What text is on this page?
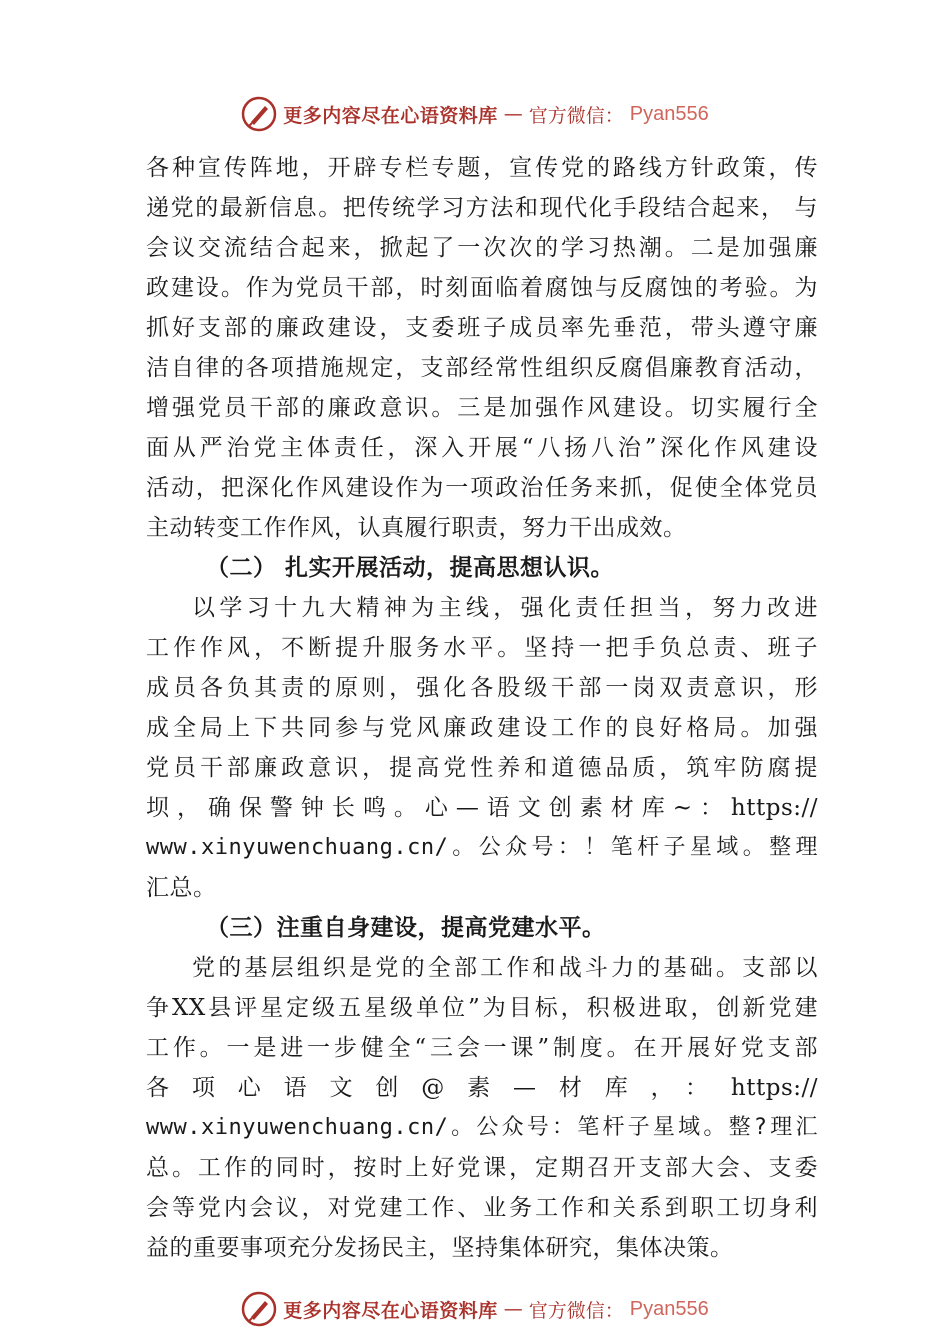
更多内容尽在心语资料库 — 官方微信： Pyan556
各种宣传阵地，开辟专栏专题，宣传党的路线方针政策，传
递党的最新信息。把传统学习方法和现代化手段结合起来， 与
会议交流结合起来，掀起了一次次的学习热潮。二是加强廉
政建设。作为党员干部，时刻面临着腐蚀与反腐蚀的考验。为
抓好支部的廉政建设，支委班子成员率先垂范，带头遵守廉
洁自律的各项措施规定，支部经常性组织反腐倡廉教育活动，
增强党员干部的廉政意识。三是加强作风建设。切实履行全
面从严治党主体责任，深入开展“八扬八治”深化作风建设
活动，把深化作风建设作为一项政治任务来抓，促使全体党员
主动转变工作作风，认真履行职责，努力干出成效。
（二） 扎实开展活动，提高思想认识。
以学习十九大精神为主线，强化责任担当，努力改进
工作作风，不断提升服务水平。坚持一把手负总责、班子
成员各负其责的原则，强化各股级干部一岗双责意识，形
成全局上下共同参与党风廉政建设工作的良好格局。加强
党员干部廉政意识，提高党性养和道德品质，筑牢防腐提
坝，确保警钟长鸣。心—语文创素材库~：https://
www.xinyuwenchuang.cn/。公众号：！笔杆子星域。整理
汇总。
（三）注重自身建设，提高党建水平。
党的基层组织是党的全部工作和战斗力的基础。支部以
争XX县评星定级五星级单位”为目标，积极进取，创新党建
工作。一是进一步健全“三会一课”制度。在开展好党支部
各项心语文创@素—材库，：https://
www.xinyuwenchuang.cn/。公众号：笔杆子星域。整?理汇
总。工作的同时，按时上好党课，定期召开支部大会、支委
会等党内会议，对党建工作、业务工作和关系到职工切身利
益的重要事项充分发扬民主，坚持集体研究，集体决策。
更多内容尽在心语资料库 — 官方微信： Pyan556
